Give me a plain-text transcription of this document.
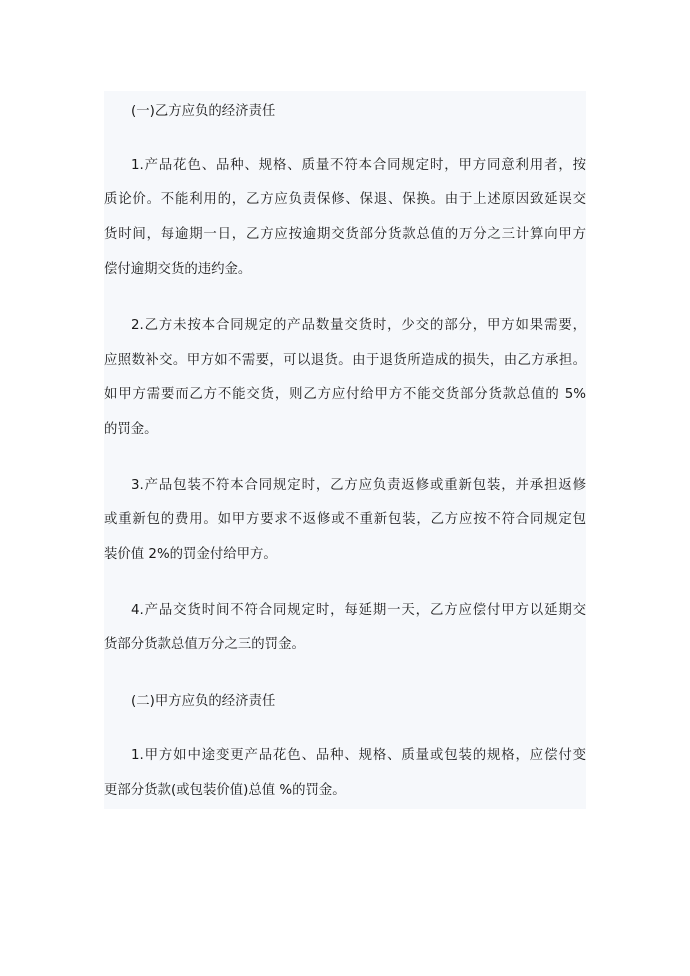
(一)乙方应负的经济责任
1.产品花色、品种、规格、质量不符本合同规定时，甲方同意利用者，按
质论价。不能利用的，乙方应负责保修、保退、保换。由于上述原因致延误交
货时间，每逾期一日，乙方应按逾期交货部分货款总值的万分之三计算向甲方
偿付逾期交货的违约金。
2.乙方未按本合同规定的产品数量交货时，少交的部分，甲方如果需要，
应照数补交。甲方如不需要，可以退货。由于退货所造成的损失，由乙方承担。
如甲方需要而乙方不能交货，则乙方应付给甲方不能交货部分货款总值的 5%
的罚金。
3.产品包装不符本合同规定时，乙方应负责返修或重新包装，并承担返修
或重新包的费用。如甲方要求不返修或不重新包装，乙方应按不符合同规定包
装价值 2%的罚金付给甲方。
4.产品交货时间不符合同规定时，每延期一天，乙方应偿付甲方以延期交
货部分货款总值万分之三的罚金。
(二)甲方应负的经济责任
1.甲方如中途变更产品花色、品种、规格、质量或包装的规格，应偿付变
更部分货款(或包装价值)总值 %的罚金。
